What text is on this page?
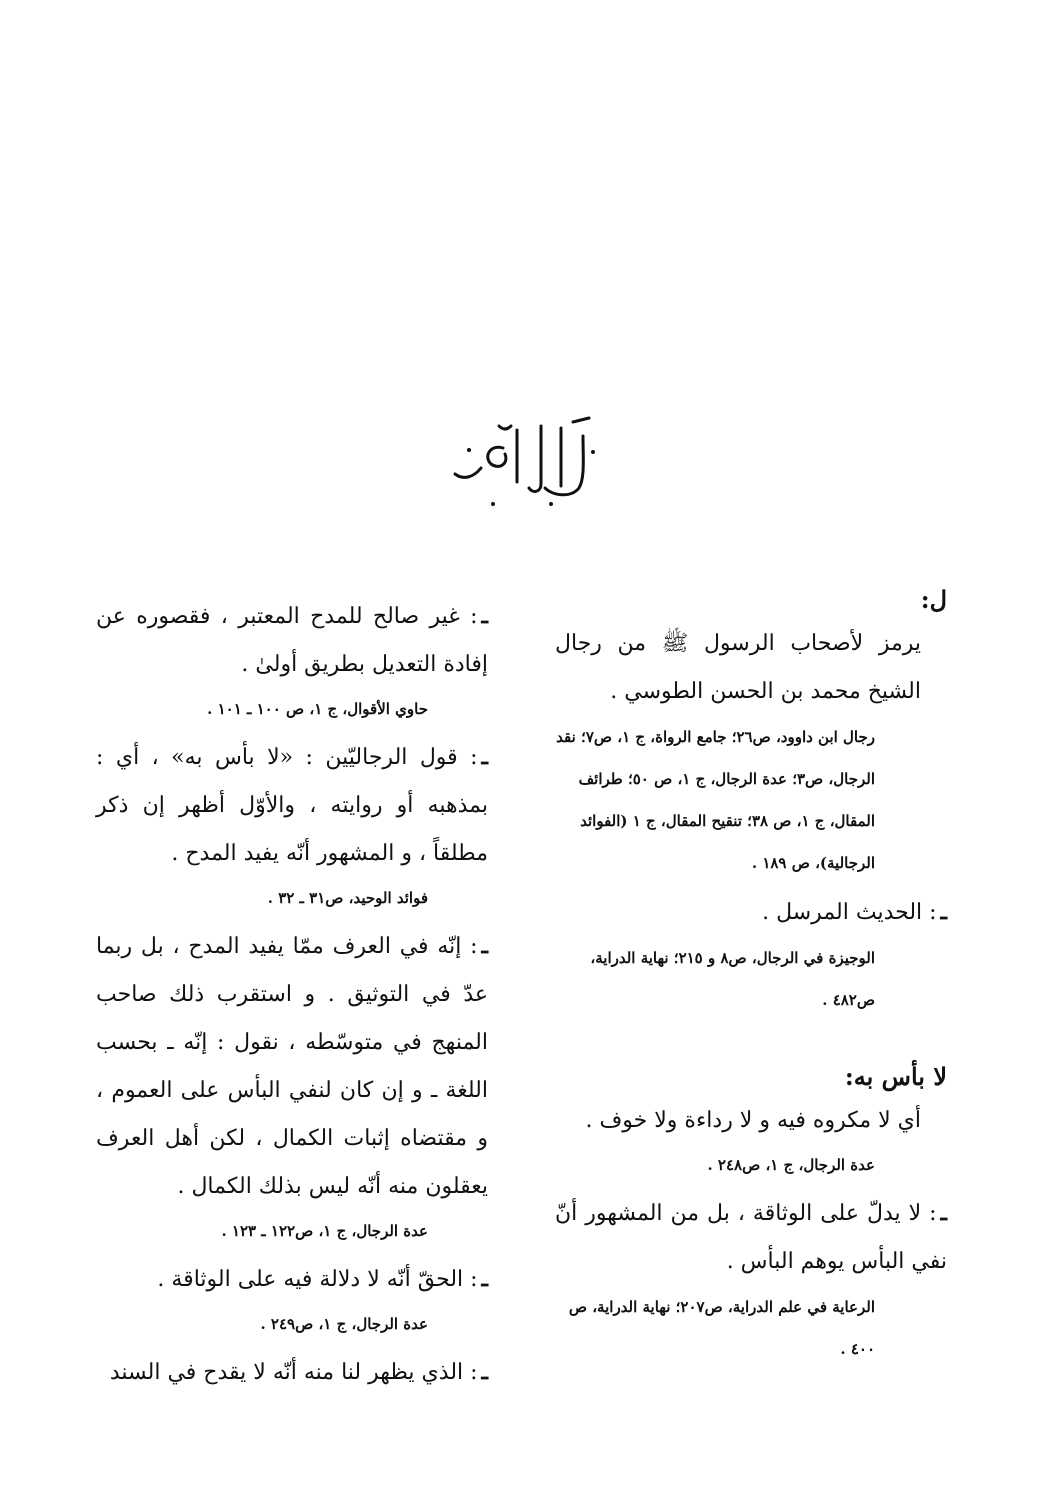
ل:

يرمز لأصحاب الرسول ﷺ من رجال الشيخ محمد بن الحسن الطوسي .

رجال ابن داوود، ص٢٦؛ جامع الرواة، ج ١، ص٧؛ نقد الرجال، ص٣؛ عدة الرجال، ج ١، ص ٥٠؛ طرائف المقال، ج ١، ص ٣٨؛ تنقيح المقال، ج ١ (الفوائد الرجالية)، ص ١٨٩ .

ـ: الحديث المرسل .

الوجيزة في الرجال، ص٨ و ٢١٥؛ نهاية الدراية، ص٤٨٢ .

لا بأس به:

أي لا مكروه فيه و لا رداءة ولا خوف .

عدة الرجال، ج ١، ص٢٤٨ .

ـ: لا يدلّ على الوثاقة ، بل من المشهور أنّ نفي البأس يوهم البأس .

الرعاية في علم الدراية، ص٢٠٧؛ نهاية الدراية، ص ٤٠٠ .

ـ: غير صالح للمدح المعتبر ، فقصوره عن إفادة التعديل بطريق أولىٰ .

حاوي الأقوال، ج ١، ص ١٠٠ ـ ١٠١ .

ـ: قول الرجاليّين : «لا بأس به» ، أي : بمذهبه أو روايته ، والأوّل أظهر إن ذكر مطلقاً ، و المشهور أنّه يفيد المدح .

فوائد الوحيد، ص٣١ ـ ٣٢ .

ـ: إنّه في العرف ممّا يفيد المدح ، بل ربما عدّ في التوثيق . و استقرب ذلك صاحب المنهج في متوسّطه ، نقول : إنّه ـ بحسب اللغة ـ و إن كان لنفي البأس على العموم ، و مقتضاه إثبات الكمال ، لكن أهل العرف يعقلون منه أنّه ليس بذلك الكمال .

عدة الرجال، ج ١، ص١٢٢ ـ ١٢٣ .

ـ: الحقّ أنّه لا دلالة فيه على الوثاقة .

عدة الرجال، ج ١، ص٢٤٩ .

ـ: الذي يظهر لنا منه أنّه لا يقدح في السند
